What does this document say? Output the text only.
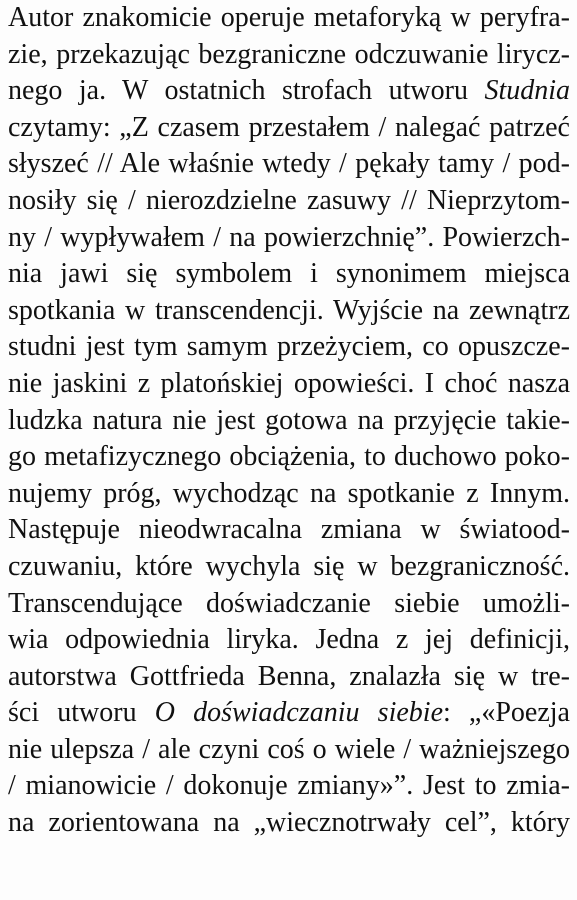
Autor znakomicie operuje metaforyką w peryfra-
zie, przekazując bezgraniczne odczuwanie lirycz-
nego ja. W ostatnich strofach utworu Studnia
czytamy: „Z czasem przestałem / nalegać patrzeć
słyszeć // Ale właśnie wtedy / pękały tamy / pod-
nosiły się / nierozdzielne zasuwy // Nieprzytom-
ny / wypływałem / na powierzchnię”. Powierzch-
nia jawi się symbolem i synonimem miejsca
spotkania w transcendencji. Wyjście na zewnątrz
studni jest tym samym przeżyciem, co opuszcze-
nie jaskini z platońskiej opowieści. I choć nasza
ludzka natura nie jest gotowa na przyjęcie takie-
go metafizycznego obciążenia, to duchowo poko-
nujemy próg, wychodząc na spotkanie z Innym.
Następuje nieodwracalna zmiana w światood-
czuwaniu, które wychyla się w bezgraniczność.
Transcendujące doświadczanie siebie umożli-
wia odpowiednia liryka. Jedna z jej definicji,
autorstwa Gottfrieda Benna, znalazła się w tre-
ści utworu O doświadczaniu siebie: „«Poezja
nie ulepsza / ale czyni coś o wiele / ważniejszego
/ mianowicie / dokonuje zmiany»”. Jest to zmia-
na zorientowana na „wiecznotrwały cel”, który
